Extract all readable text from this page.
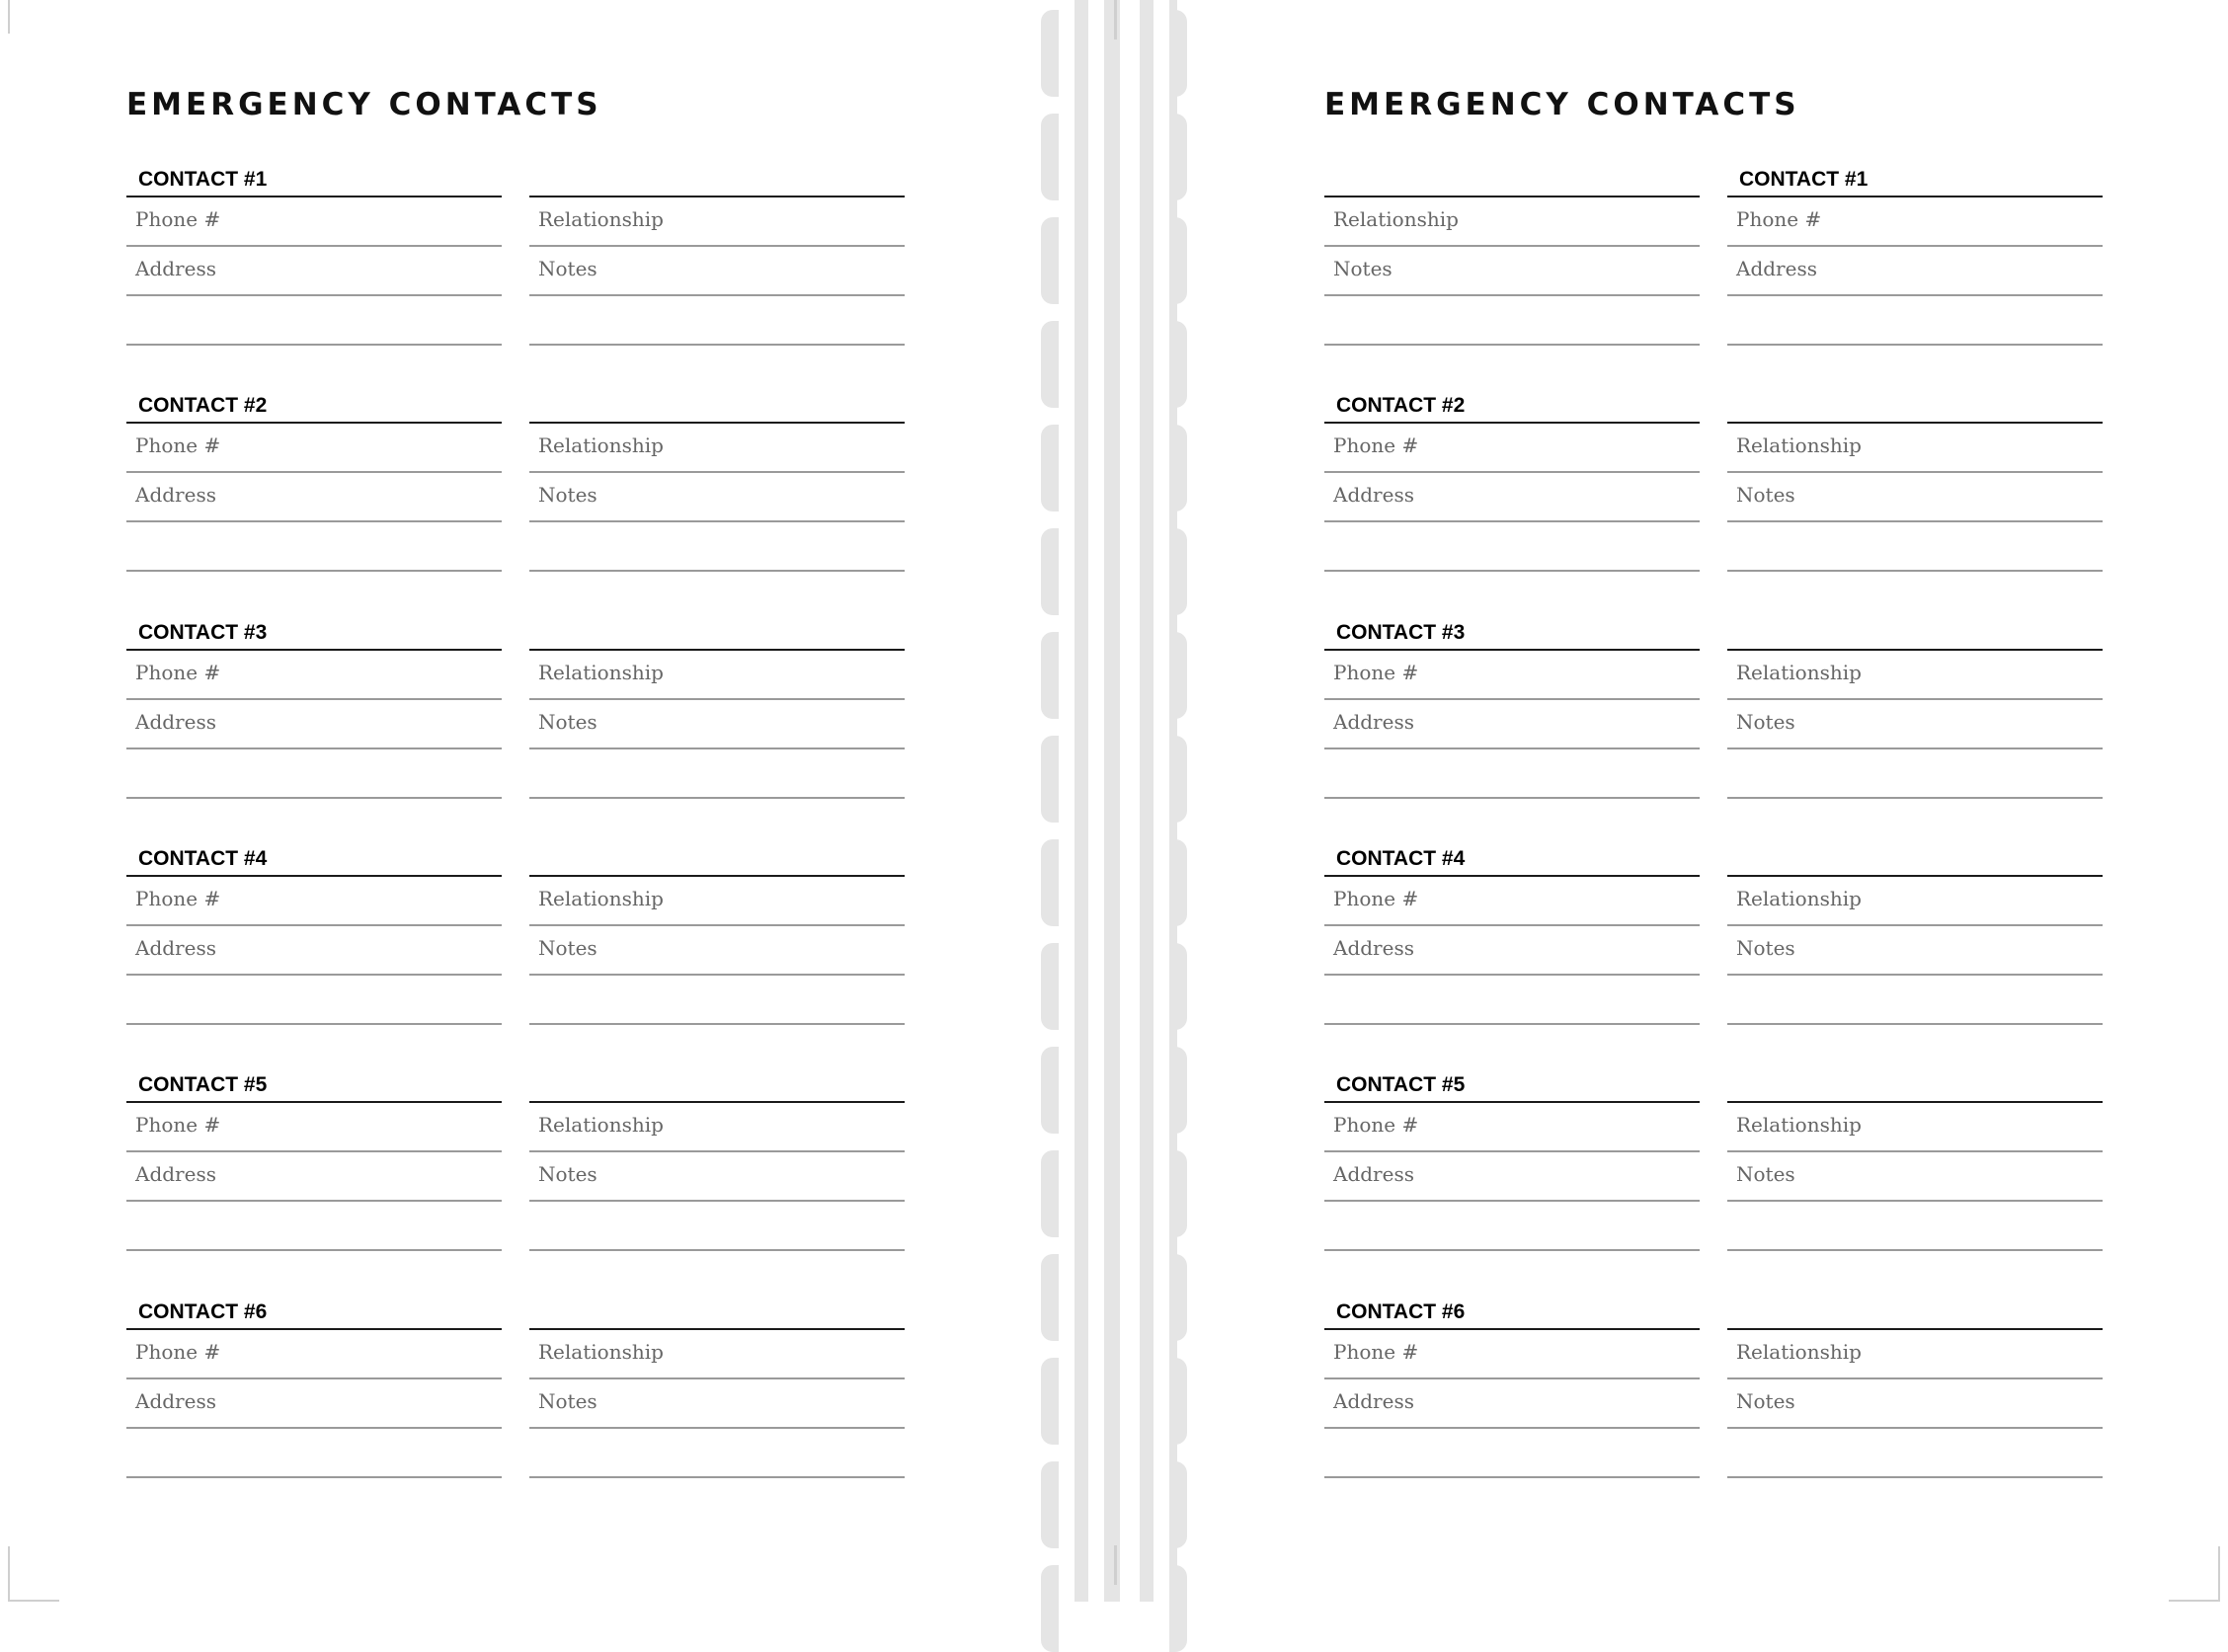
EMERGENCY CONTACTS
CONTACT #1
Phone #
Address
Relationship
Notes
CONTACT #2
Phone #
Address
Relationship
Notes
CONTACT #3
Phone #
Address
Relationship
Notes
CONTACT #4
Phone #
Address
Relationship
Notes
CONTACT #5
Phone #
Address
Relationship
Notes
CONTACT #6
Phone #
Address
Relationship
Notes
EMERGENCY CONTACTS
Relationship
Notes
CONTACT #1
Phone #
Address
CONTACT #2
Phone #
Address
Relationship
Notes
CONTACT #3
Phone #
Address
Relationship
Notes
CONTACT #4
Phone #
Address
Relationship
Notes
CONTACT #5
Phone #
Address
Relationship
Notes
CONTACT #6
Phone #
Address
Relationship
Notes
